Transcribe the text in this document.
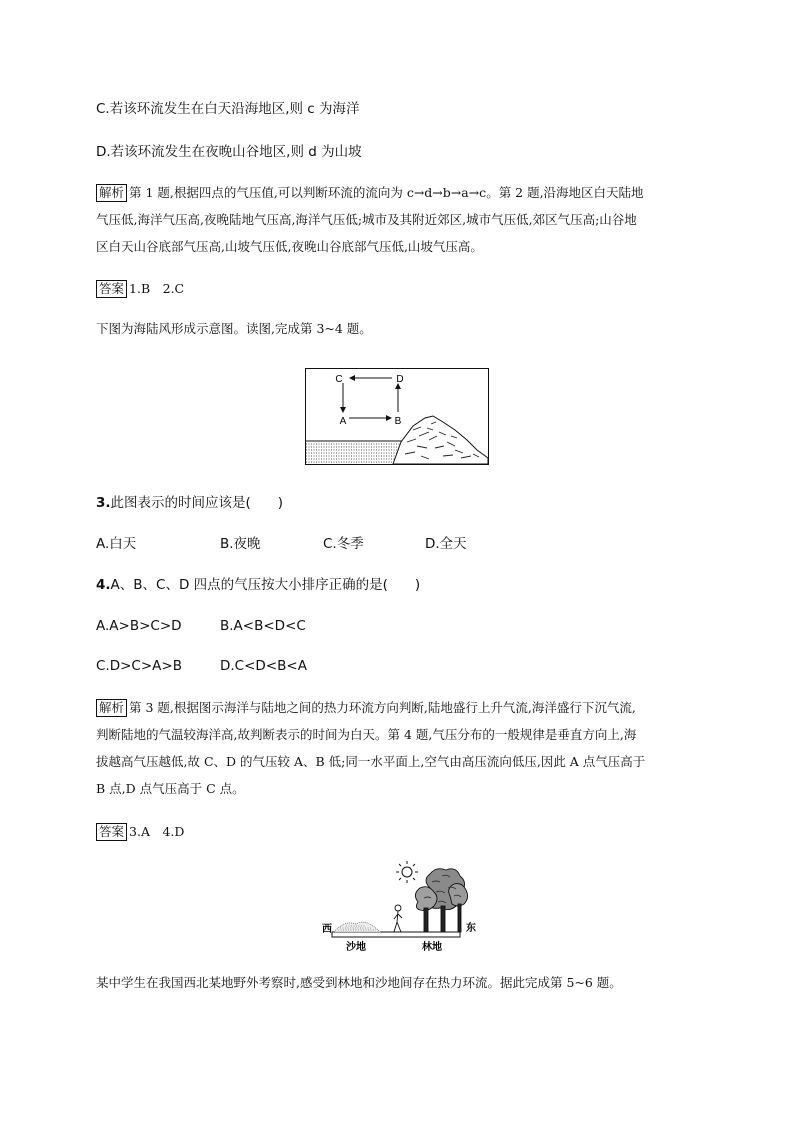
C.若该环流发生在白天沿海地区,则 c 为海洋
D.若该环流发生在夜晚山谷地区,则 d 为山坡
解析 第 1 题,根据四点的气压值,可以判断环流的流向为 c→d→b→a→c。第 2 题,沿海地区白天陆地
气压低,海洋气压高,夜晚陆地气压高,海洋气压低;城市及其附近郊区,城市气压低,郊区气压高;山谷地
区白天山谷底部气压高,山坡气压低,夜晚山谷底部气压低,山坡气压高。
答案 1.B　2.C
下图为海陆风形成示意图。读图,完成第 3~4 题。
C	D
A	B
3.此图表示的时间应该是(　　)
A.白天	B.夜晚	C.冬季	D.全天
4.A、B、C、D 四点的气压按大小排序正确的是(　　)
A.A>B>C>D	B.A<B<D<C
C.D>C>A>B	D.C<D<B<A
解析 第 3 题,根据图示海洋与陆地之间的热力环流方向判断,陆地盛行上升气流,海洋盛行下沉气流,
判断陆地的气温较海洋高,故判断表示的时间为白天。第 4 题,气压分布的一般规律是垂直方向上,海
拔越高气压越低,故 C、D 的气压较 A、B 低;同一水平面上,空气由高压流向低压,因此 A 点气压高于
B 点,D 点气压高于 C 点。
答案 3.A　4.D
西	东
沙地	林地
某中学生在我国西北某地野外考察时,感受到林地和沙地间存在热力环流。据此完成第 5~6 题。
